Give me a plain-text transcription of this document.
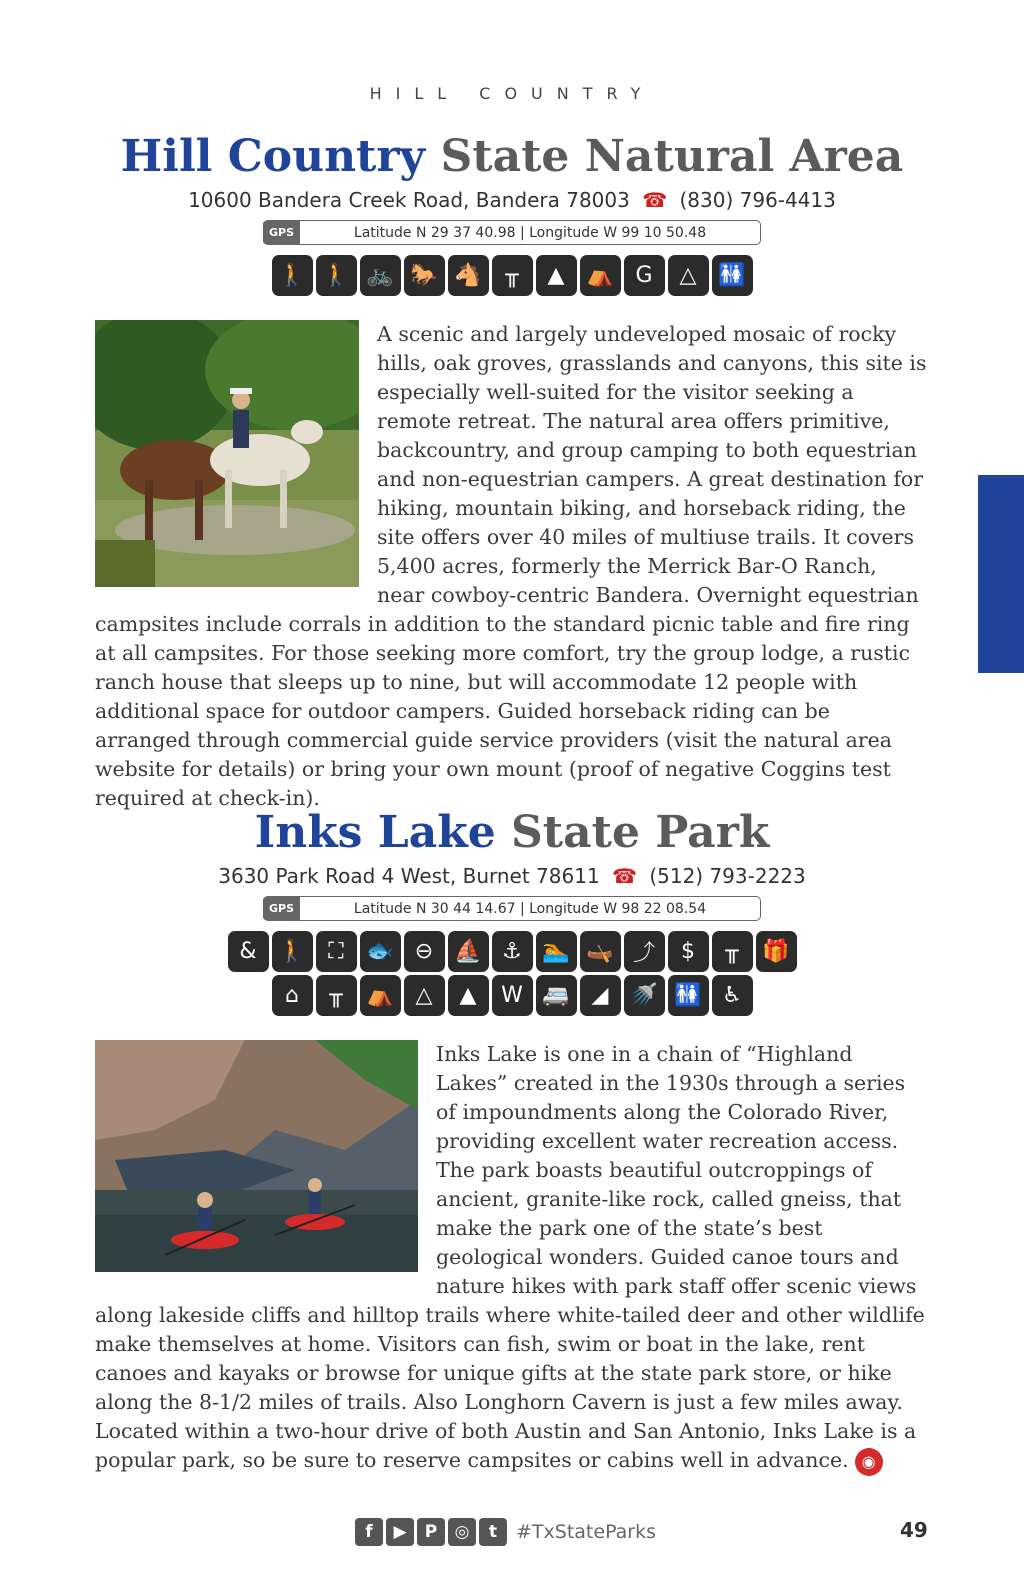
HILL COUNTRY
Hill Country State Natural Area
10600 Bandera Creek Road, Bandera 78003 ☎ (830) 796-4413
GPS	Latitude N 29 37 40.98 | Longitude W 99 10 50.48
🚶 🚶 🚲 🐎 🐴	╥	▲ ⛺ G	△ 🚻

A scenic and largely undeveloped mosaic of rocky hills, oak groves, grasslands and canyons, this site is especially well-suited for the visitor seeking a remote retreat. The natural area offers primitive, backcountry, and group camping to both equestrian and non-equestrian campers. A great destination for hiking, mountain biking, and horseback riding, the site offers over 40 miles of multiuse trails. It covers 5,400 acres, formerly the Merrick Bar-O Ranch, near cowboy-centric Bandera. Overnight equestrian campsites include corrals in addition to the standard picnic table and fire ring at all campsites. For those seeking more comfort, try the group lodge, a rustic ranch house that sleeps up to nine, but will accommodate 12 people with additional space for outdoor campers. Guided horseback riding can be arranged through commercial guide service providers (visit the natural area website for details) or bring your own mount (proof of negative Coggins test required at check-in).

Inks Lake State Park
3630 Park Road 4 West, Burnet 78611 ☎ (512) 793-2223
GPS	Latitude N 30 44 14.67 | Longitude W 98 22 08.54
& 🚶	⛶	🐟 ⊖ ⛵ ⚓ 🏊 🛶 ⤴	$	╥	🎁
⌂	╥	⛺ △	▲	W 🚐 ◢ 🚿 🚻 ♿

Inks Lake is one in a chain of “Highland Lakes” created in the 1930s through a series of impoundments along the Colorado River, providing excellent water recreation access. The park boasts beautiful outcroppings of ancient, granite-like rock, called gneiss, that make the park one of the state’s best geological wonders. Guided canoe tours and nature hikes with park staff offer scenic views along lakeside cliffs and hilltop trails where white-tailed deer and other wildlife make themselves at home. Visitors can fish, swim or boat in the lake, rent canoes and kayaks or browse for unique gifts at the state park store, or hike along the 8-1/2 miles of trails. Also Longhorn Cavern is just a few miles away. Located within a two-hour drive of both Austin and San Antonio, Inks Lake is a popular park, so be sure to reserve campsites or cabins well in advance. ◉

f	▶	P	◎	t #TxStateParks	49
